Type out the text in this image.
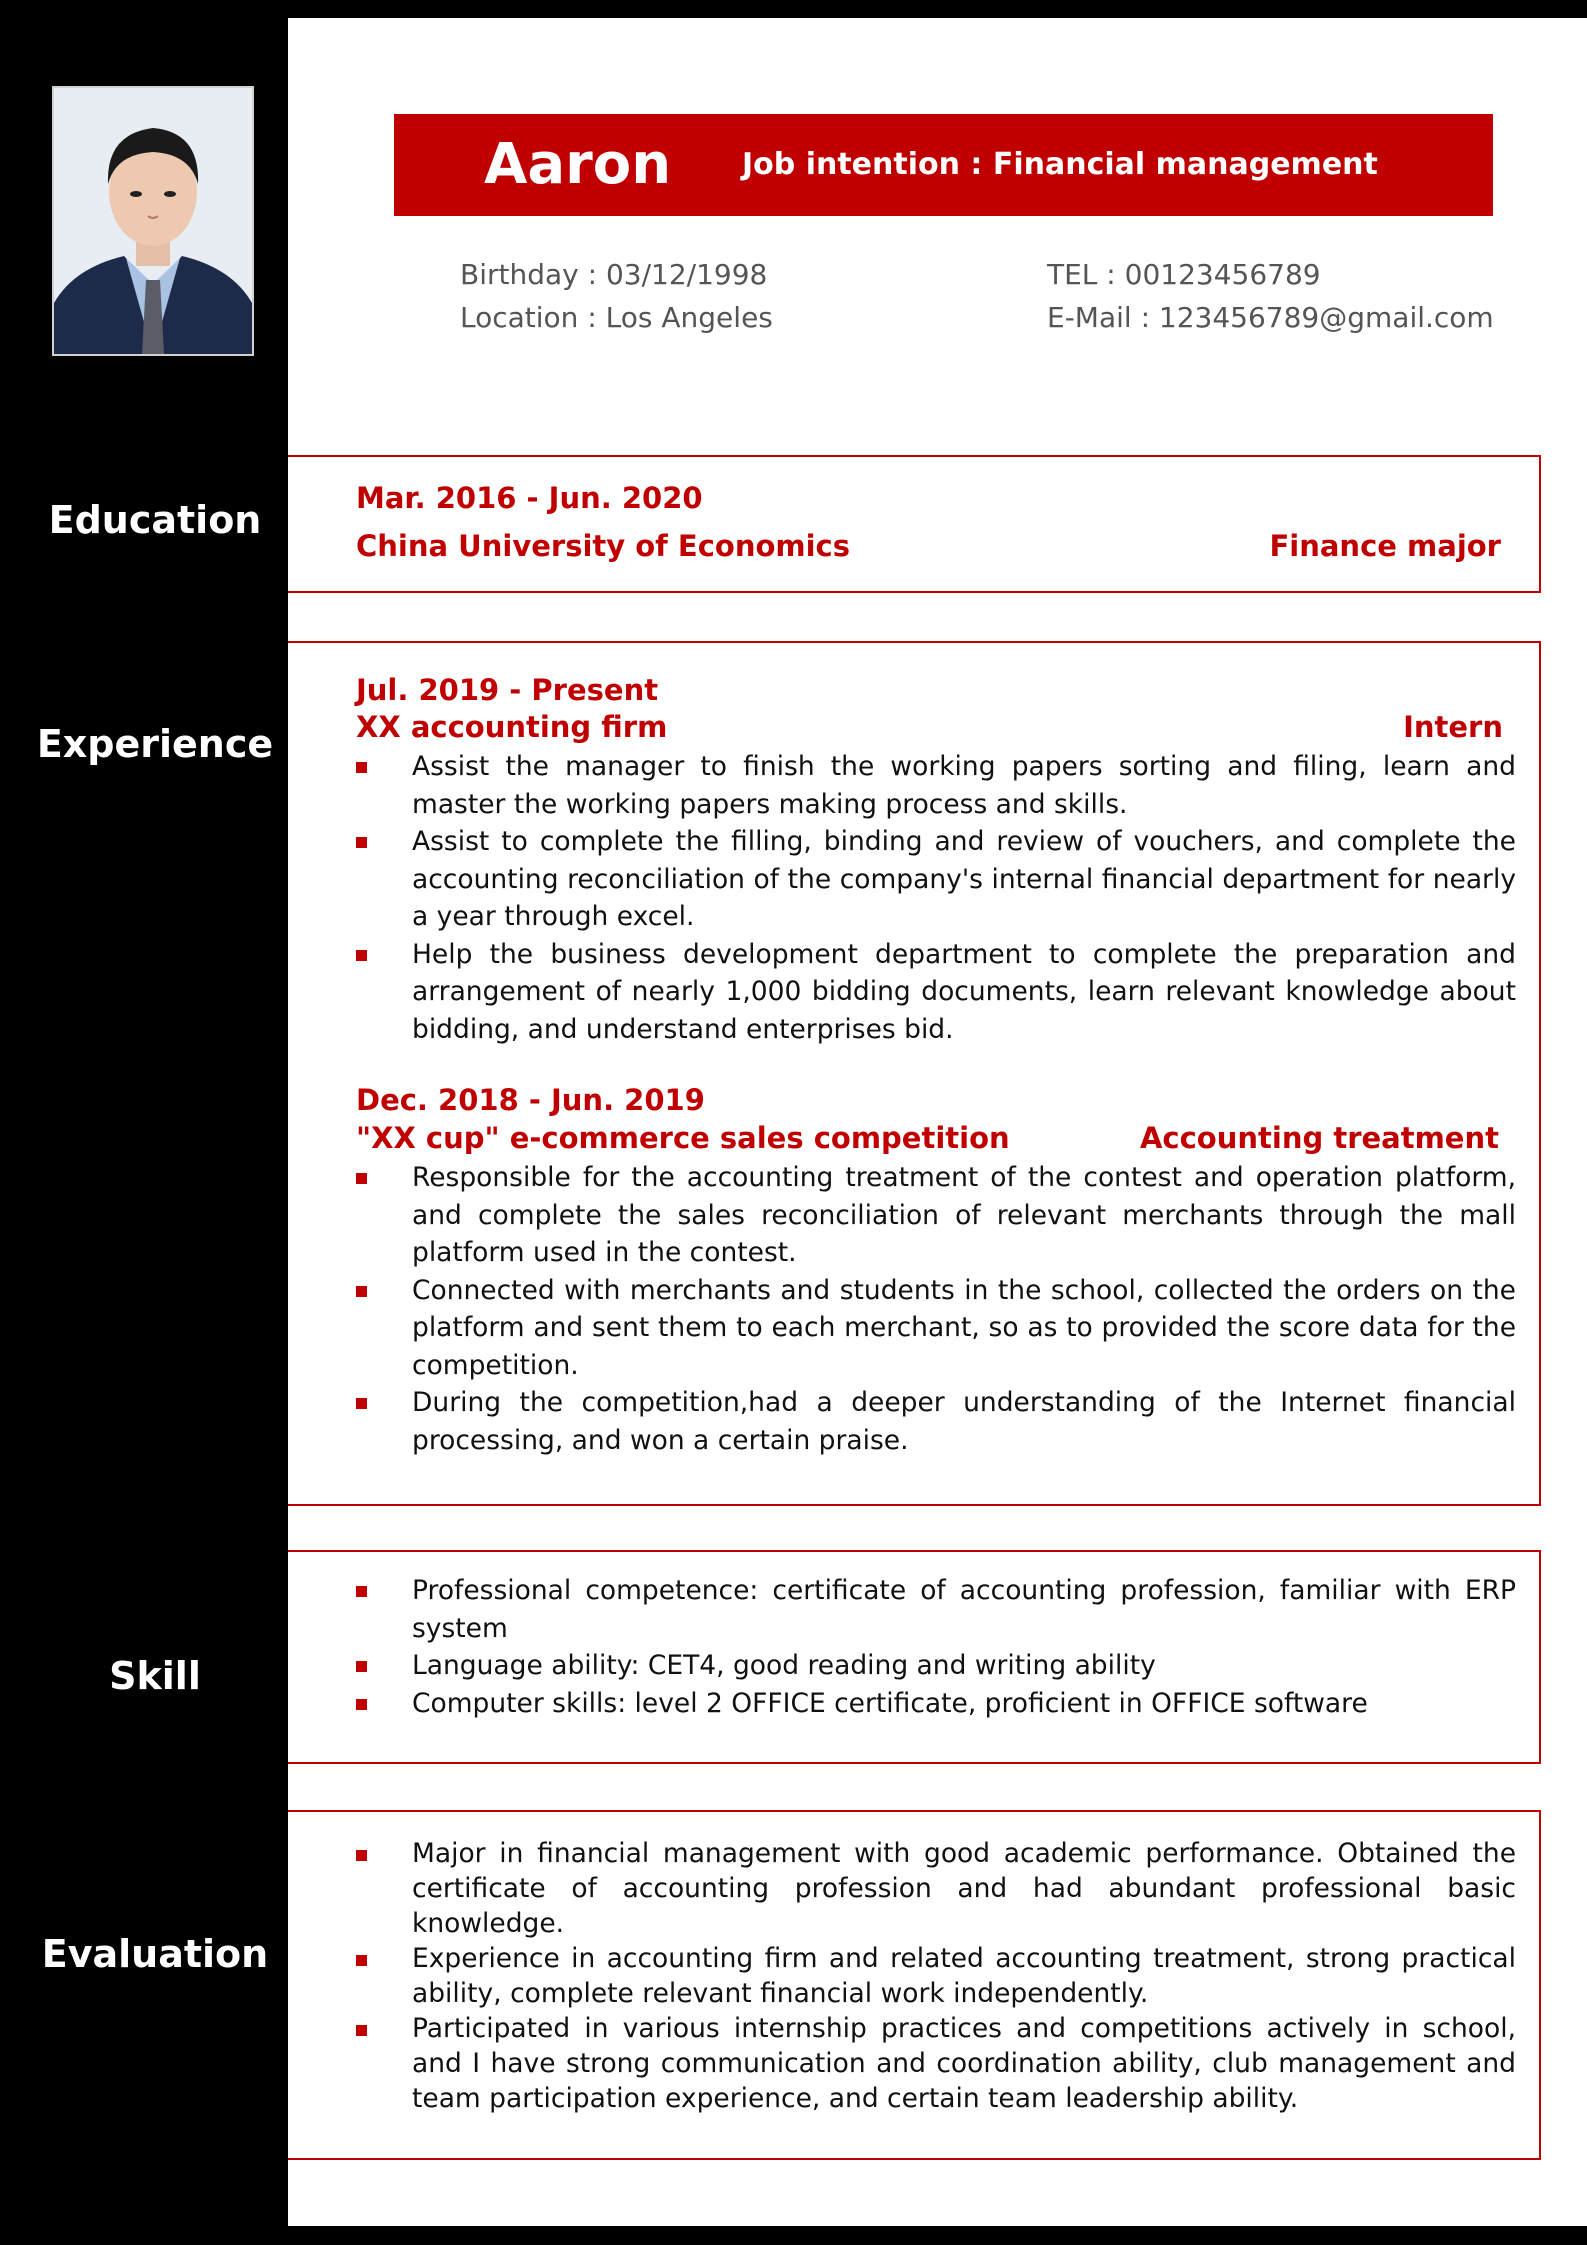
Education
Experience
Skill
Evaluation
Aaron Job intention : Financial management trainee
Birthday : 03/12/1998
Location : Los Angeles
TEL : 00123456789
E-Mail : 123456789@gmail.com
Mar. 2016 - Jun. 2020
China University of Economics	Finance major
Jul. 2019 - Present
XX accounting firm	Intern
Assist the manager to finish the working papers sorting and filing, learn and master the working papers making process and skills.
Assist to complete the filling, binding and review of vouchers, and complete the accounting reconciliation of the company's internal financial department for nearly a year through excel.
Help the business development department to complete the preparation and arrangement of nearly 1,000 bidding documents, learn relevant knowledge about bidding, and understand enterprises bid.
Dec. 2018 - Jun. 2019
"XX cup" e-commerce sales competition	Accounting treatment
Responsible for the accounting treatment of the contest and operation platform, and complete the sales reconciliation of relevant merchants through the mall platform used in the contest.
Connected with merchants and students in the school, collected the orders on the platform and sent them to each merchant, so as to provided the score data for the competition.
During the competition,had a deeper understanding of the Internet financial processing, and won a certain praise.
Professional competence: certificate of accounting profession, familiar with ERP system
Language ability: CET4, good reading and writing ability
Computer skills: level 2 OFFICE certificate, proficient in OFFICE software
Major in financial management with good academic performance. Obtained the certificate of accounting profession and had abundant professional basic knowledge.
Experience in accounting firm and related accounting treatment, strong practical ability, complete relevant financial work independently.
Participated in various internship practices and competitions actively in school, and I have strong communication and coordination ability, club management and team participation experience, and certain team leadership ability.
